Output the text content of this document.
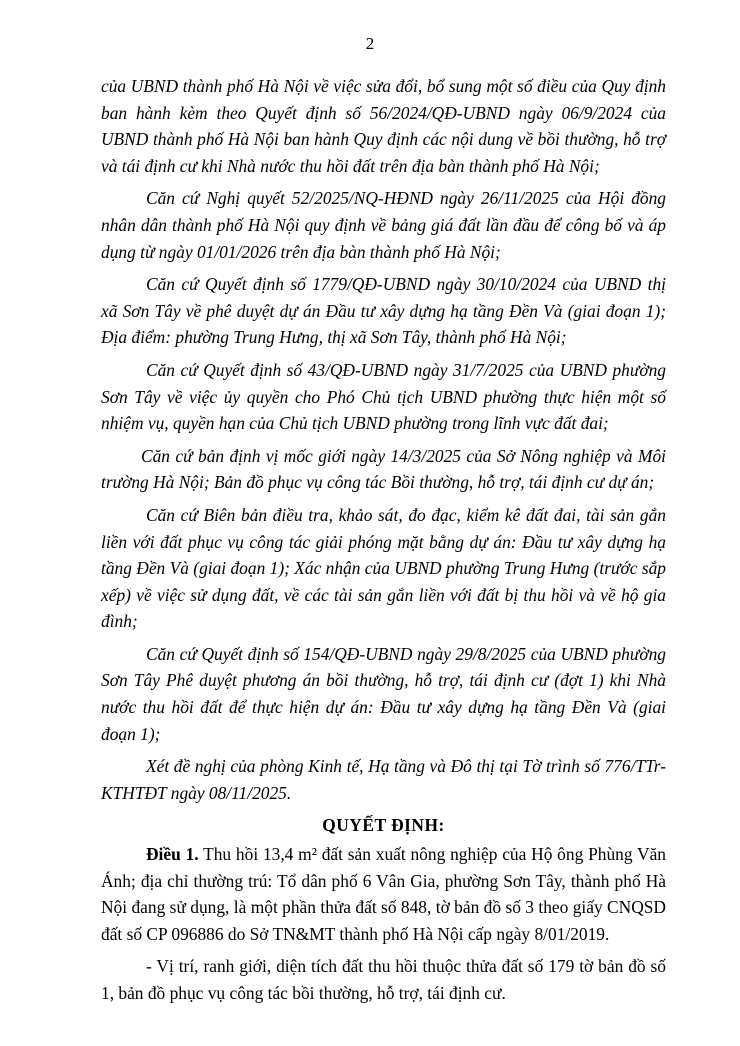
2

của UBND thành phố Hà Nội về việc sửa đổi, bổ sung một số điều của Quy định ban hành kèm theo Quyết định số 56/2024/QĐ-UBND ngày 06/9/2024 của UBND thành phố Hà Nội ban hành Quy định các nội dung về bồi thường, hỗ trợ và tái định cư khi Nhà nước thu hồi đất trên địa bàn thành phố Hà Nội;

Căn cứ Nghị quyết 52/2025/NQ-HĐND ngày 26/11/2025 của Hội đồng nhân dân thành phố Hà Nội quy định về bảng giá đất lần đầu để công bố và áp dụng từ ngày 01/01/2026 trên địa bàn thành phố Hà Nội;

Căn cứ Quyết định số 1779/QĐ-UBND ngày 30/10/2024 của UBND thị xã Sơn Tây về phê duyệt dự án Đầu tư xây dựng hạ tầng Đền Và (giai đoạn 1); Địa điểm: phường Trung Hưng, thị xã Sơn Tây, thành phố Hà Nội;

Căn cứ Quyết định số 43/QĐ-UBND ngày 31/7/2025 của UBND phường Sơn Tây về việc ủy quyền cho Phó Chủ tịch UBND phường thực hiện một số nhiệm vụ, quyền hạn của Chủ tịch UBND phường trong lĩnh vực đất đai;

Căn cứ bản định vị mốc giới ngày 14/3/2025 của Sở Nông nghiệp và Môi trường Hà Nội; Bản đồ phục vụ công tác Bồi thường, hỗ trợ, tái định cư dự án;

Căn cứ Biên bản điều tra, khảo sát, đo đạc, kiểm kê đất đai, tài sản gắn liền với đất phục vụ công tác giải phóng mặt bằng dự án: Đầu tư xây dựng hạ tầng Đền Và (giai đoạn 1); Xác nhận của UBND phường Trung Hưng (trước sắp xếp) về việc sử dụng đất, về các tài sản gắn liền với đất bị thu hồi và về hộ gia đình;

Căn cứ Quyết định số 154/QĐ-UBND ngày 29/8/2025 của UBND phường Sơn Tây Phê duyệt phương án bồi thường, hỗ trợ, tái định cư (đợt 1) khi Nhà nước thu hồi đất để thực hiện dự án: Đầu tư xây dựng hạ tầng Đền Và (giai đoạn 1);

Xét đề nghị của phòng Kinh tế, Hạ tầng và Đô thị tại Tờ trình số 776/TTr-KTHTĐT ngày 08/11/2025.

QUYẾT ĐỊNH:

Điều 1. Thu hồi 13,4 m² đất sản xuất nông nghiệp của Hộ ông Phùng Văn Ánh; địa chỉ thường trú: Tổ dân phố 6 Vân Gia, phường Sơn Tây, thành phố Hà Nội đang sử dụng, là một phần thửa đất số 848, tờ bản đồ số 3 theo giấy CNQSD đất số CP 096886 do Sở TN&MT thành phố Hà Nội cấp ngày 8/01/2019.

- Vị trí, ranh giới, diện tích đất thu hồi thuộc thửa đất số 179 tờ bản đồ số 1, bản đồ phục vụ công tác bồi thường, hỗ trợ, tái định cư.
